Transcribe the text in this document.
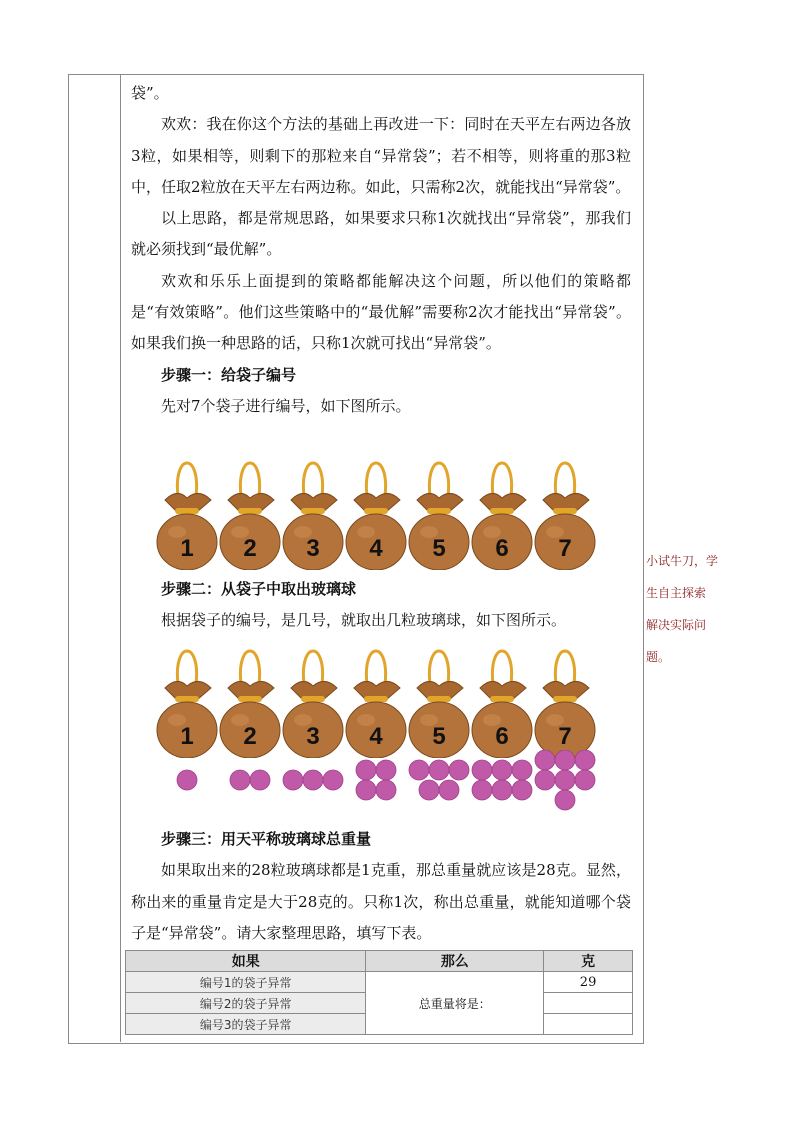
袋”。

欢欢：我在你这个方法的基础上再改进一下：同时在天平左右两边各放3粒，如果相等，则剩下的那粒来自“异常袋”；若不相等，则将重的那3粒中，任取2粒放在天平左右两边称。如此，只需称2次，就能找出“异常袋”。

以上思路，都是常规思路，如果要求只称1次就找出“异常袋”，那我们就必须找到“最优解”。

欢欢和乐乐上面提到的策略都能解决这个问题，所以他们的策略都是“有效策略”。他们这些策略中的“最优解”需要称2次才能找出“异常袋”。如果我们换一种思路的话，只称1次就可找出“异常袋”。

步骤一：给袋子编号

先对7个袋子进行编号，如下图所示。

1 2 3 4 5 6 7

步骤二：从袋子中取出玻璃球

根据袋子的编号，是几号，就取出几粒玻璃球，如下图所示。

1 2 3 4 5 6 7

步骤三：用天平称玻璃球总重量

如果取出来的28粒玻璃球都是1克重，那总重量就应该是28克。显然，称出来的重量肯定是大于28克的。只称1次，称出总重量，就能知道哪个袋子是“异常袋”。请大家整理思路，填写下表。

如果	那么	克
编号1的袋子异常	总重量将是：	29
编号2的袋子异常		
编号3的袋子异常		
小试牛刀，学
生自主探索
解决实际问
题。
